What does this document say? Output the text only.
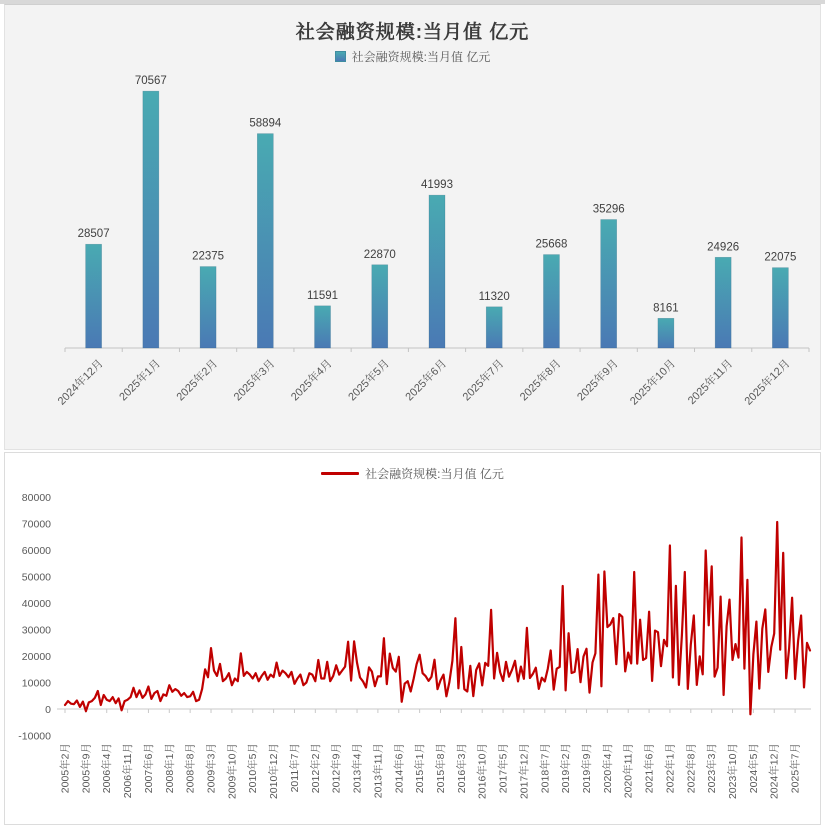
社会融资规模:当月值 亿元
社会融资规模:当月值 亿元
28507
2024年12月
70567
2025年1月
22375
2025年2月
58894
2025年3月
11591
2025年4月
22870
2025年5月
41993
2025年6月
11320
2025年7月
25668
2025年8月
35296
2025年9月
8161
2025年10月
24926
2025年11月
22075
2025年12月
社会融资规模:当月值 亿元
80000
70000
60000
50000
40000
30000
20000
10000
0
-10000
2005年2月 2005年9月 2006年4月 2006年11月 2007年6月 2008年1月 2008年8月 2009年3月 2009年10月 2010年5月 2010年12月 2011年7月 2012年2月 2012年9月 2013年4月 2013年11月 2014年6月 2015年1月 2015年8月 2016年3月 2016年10月 2017年5月 2017年12月 2018年7月 2019年2月 2019年9月 2020年4月 2020年11月 2021年6月 2022年1月 2022年8月 2023年3月 2023年10月 2024年5月 2024年12月 2025年7月
